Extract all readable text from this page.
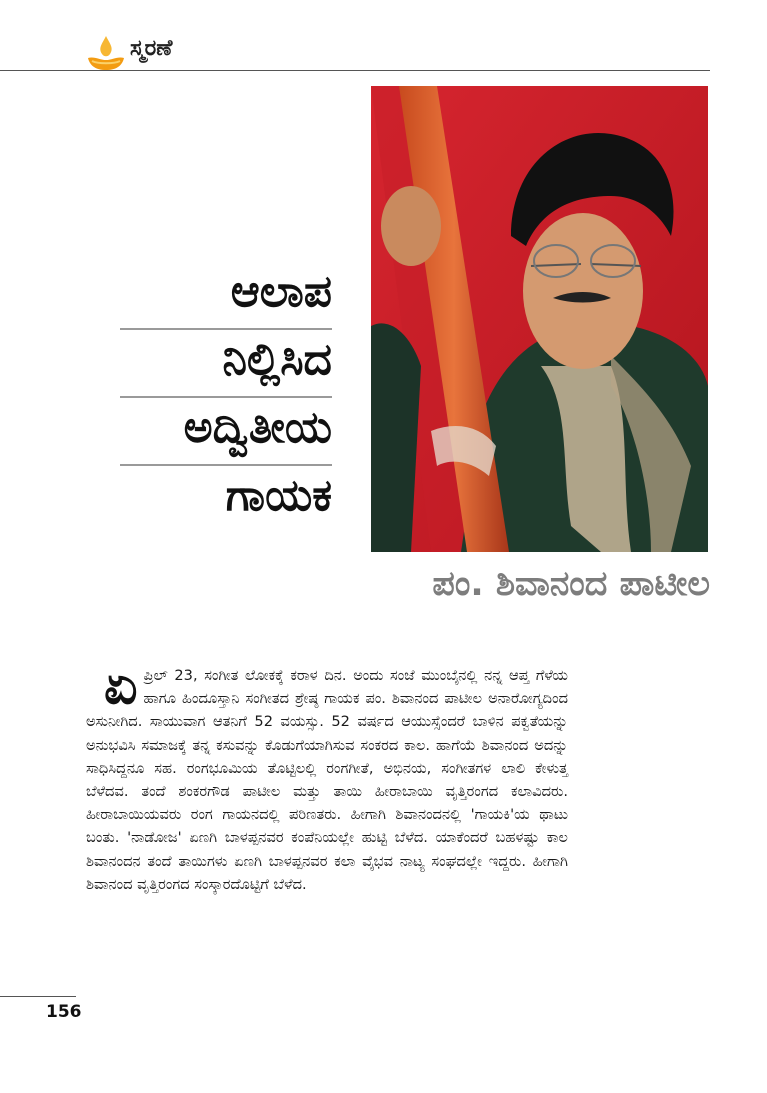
ಸ್ಮರಣೆ
ಆಲಾಪ
ನಿಲ್ಲಿಸಿದ
ಅದ್ವಿತೀಯ
ಗಾಯಕ
ಪಂ. ಶಿವಾನಂದ ಪಾಟೀಲ
ಏ ಪ್ರಿಲ್ 23, ಸಂಗೀತ ಲೋಕಕ್ಕೆ ಕರಾಳ ದಿನ. ಅಂದು ಸಂಜೆ ಮುಂಬೈನಲ್ಲಿ ನನ್ನ ಆಪ್ತ ಗೆಳೆಯ ಹಾಗೂ ಹಿಂದೂಸ್ತಾನಿ ಸಂಗೀತದ ಶ್ರೇಷ್ಠ ಗಾಯಕ ಪಂ. ಶಿವಾನಂದ ಪಾಟೀಲ ಅನಾರೋಗ್ಯದಿಂದ ಅಸುನೀಗಿದ. ಸಾಯುವಾಗ ಆತನಿಗೆ 52 ವಯಸ್ಸು. 52 ವರ್ಷದ ಆಯುಸ್ಸೆಂದರೆ ಬಾಳಿನ ಪಕ್ವತೆಯನ್ನು ಅನುಭವಿಸಿ ಸಮಾಜಕ್ಕೆ ತನ್ನ ಕಸುವನ್ನು ಕೊಡುಗೆಯಾಗಿಸುವ ಸಂಕರದ ಕಾಲ. ಹಾಗೆಯೆ ಶಿವಾನಂದ ಅದನ್ನು ಸಾಧಿಸಿದ್ದನೂ ಸಹ. ರಂಗಭೂಮಿಯ ತೊಟ್ಟಿಲಲ್ಲಿ ರಂಗಗೀತೆ, ಅಭಿನಯ, ಸಂಗೀತಗಳ ಲಾಲಿ ಕೇಳುತ್ತ ಬೆಳೆದವ. ತಂದೆ ಶಂಕರಗೌಡ ಪಾಟೀಲ ಮತ್ತು ತಾಯಿ ಹೀರಾಬಾಯಿ ವೃತ್ತಿರಂಗದ ಕಲಾವಿದರು. ಹೀರಾಬಾಯಿಯವರು ರಂಗ ಗಾಯನದಲ್ಲಿ ಪರಿಣತರು. ಹೀಗಾಗಿ ಶಿವಾನಂದನಲ್ಲಿ 'ಗಾಯಕಿ'ಯ ಥಾಟು ಬಂತು. 'ನಾಡೋಜ' ಏಣಗಿ ಬಾಳಪ್ಪನವರ ಕಂಪೆನಿಯಲ್ಲೇ ಹುಟ್ಟಿ ಬೆಳೆದ. ಯಾಕೆಂದರೆ ಬಹಳಷ್ಟು ಕಾಲ ಶಿವಾನಂದನ ತಂದೆ ತಾಯಿಗಳು ಏಣಗಿ ಬಾಳಪ್ಪನವರ ಕಲಾ ವೈಭವ ನಾಟ್ಯ ಸಂಘದಲ್ಲೇ ಇದ್ದರು. ಹೀಗಾಗಿ ಶಿವಾನಂದ ವೃತ್ತಿರಂಗದ ಸಂಸ್ಕಾರದೊಟ್ಟಿಗೆ ಬೆಳೆದ.

156
